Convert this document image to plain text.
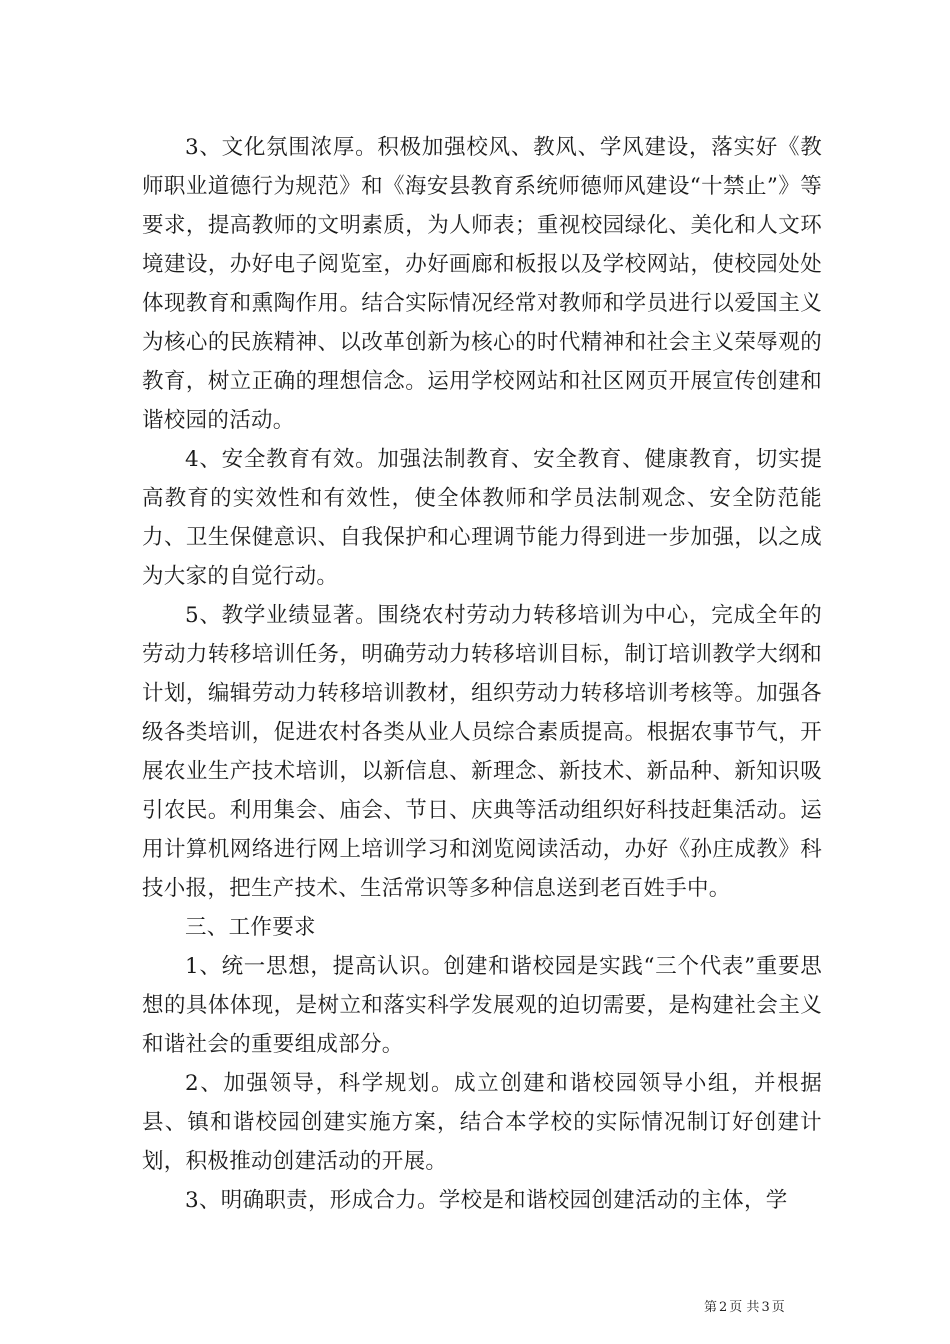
3、文化氛围浓厚。积极加强校风、教风、学风建设，落实好《教师职业道德行为规范》和《海安县教育系统师德师风建设“十禁止”》等要求，提高教师的文明素质，为人师表；重视校园绿化、美化和人文环境建设，办好电子阅览室，办好画廊和板报以及学校网站，使校园处处体现教育和熏陶作用。结合实际情况经常对教师和学员进行以爱国主义为核心的民族精神、以改革创新为核心的时代精神和社会主义荣辱观的教育，树立正确的理想信念。运用学校网站和社区网页开展宣传创建和谐校园的活动。

4、安全教育有效。加强法制教育、安全教育、健康教育，切实提高教育的实效性和有效性，使全体教师和学员法制观念、安全防范能力、卫生保健意识、自我保护和心理调节能力得到进一步加强，以之成为大家的自觉行动。

5、教学业绩显著。围绕农村劳动力转移培训为中心，完成全年的劳动力转移培训任务，明确劳动力转移培训目标，制订培训教学大纲和计划，编辑劳动力转移培训教材，组织劳动力转移培训考核等。加强各级各类培训，促进农村各类从业人员综合素质提高。根据农事节气，开展农业生产技术培训，以新信息、新理念、新技术、新品种、新知识吸引农民。利用集会、庙会、节日、庆典等活动组织好科技赶集活动。运用计算机网络进行网上培训学习和浏览阅读活动，办好《孙庄成教》科技小报，把生产技术、生活常识等多种信息送到老百姓手中。

三、工作要求

1、统一思想，提高认识。创建和谐校园是实践“三个代表”重要思想的具体体现，是树立和落实科学发展观的迫切需要，是构建社会主义和谐社会的重要组成部分。

2、加强领导，科学规划。成立创建和谐校园领导小组，并根据县、镇和谐校园创建实施方案，结合本学校的实际情况制订好创建计划，积极推动创建活动的开展。

3、明确职责，形成合力。学校是和谐校园创建活动的主体，学

第 2 页 共 3 页
